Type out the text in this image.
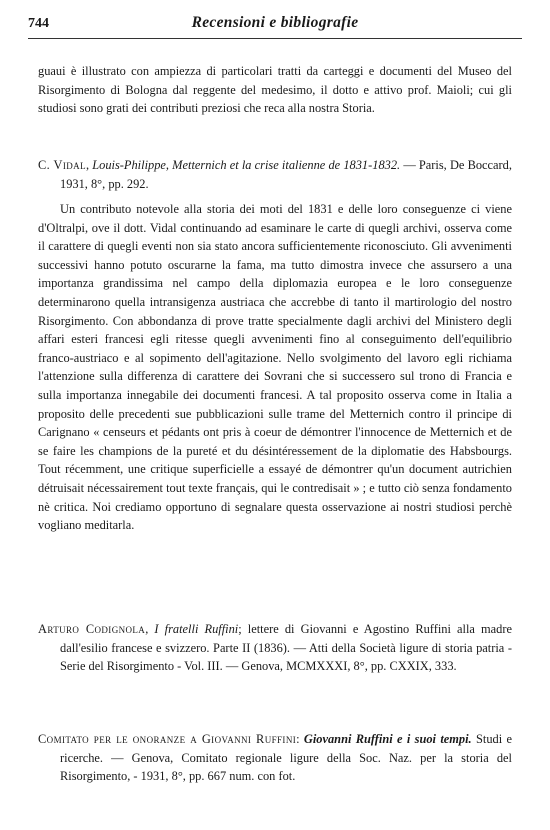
744	Recensioni e bibliografie

guaui è illustrato con ampiezza di particolari tratti da carteggi e documenti del Museo del Risorgimento di Bologna dal reggente del medesimo, il dotto e attivo prof. Maioli; cui gli studiosi sono grati dei contributi preziosi che reca alla nostra Storia.

C. Vidal, Louis-Philippe, Metternich et la crise italienne de 1831-1832. — Paris, De Boccard, 1931, 8°, pp. 292.

Un contributo notevole alla storia dei moti del 1831 e delle loro conseguenze ci viene d'Oltralpi, ove il dott. Vidal continuando ad esaminare le carte di quegli archivi, osserva come il carattere di quegli eventi non sia stato ancora sufficientemente riconosciuto. Gli avvenimenti successivi hanno potuto oscurarne la fama, ma tutto dimostra invece che assursero a una importanza grandissima nel campo della diplomazia europea e le loro conseguenze determinarono quella intransigenza austriaca che accrebbe di tanto il martirologio del nostro Risorgimento. Con abbondanza di prove tratte specialmente dagli archivi del Ministero degli affari esteri francesi egli ritesse quegli avvenimenti fino al conseguimento dell'equilibrio franco-austriaco e al sopimento dell'agitazione. Nello svolgimento del lavoro egli richiama l'attenzione sulla differenza di carattere dei Sovrani che si successero sul trono di Francia e sulla importanza innegabile dei documenti francesi. A tal proposito osserva come in Italia a proposito delle precedenti sue pubblicazioni sulle trame del Metternich contro il principe di Carignano « censeurs et pédants ont pris à coeur de démontrer l'innocence de Metternich et de se faire les champions de la pureté et du désintéressement de la diplomatie des Habsbourgs. Tout récemment, une critique superficielle a essayé de démontrer qu'un document autrichien détruisait nécessairement tout texte français, qui le contredisait » ; e tutto ciò senza fondamento nè critica. Noi crediamo opportuno di segnalare questa osservazione ai nostri studiosi perchè vogliano meditarla.

Arturo Codignola, I fratelli Ruffini; lettere di Giovanni e Agostino Ruffini alla madre dall'esilio francese e svizzero. Parte II (1836). — Atti della Società ligure di storia patria - Serie del Risorgimento - Vol. III. — Genova, MCMXXXI, 8°, pp. CXXIX, 333.

Comitato per le onoranze a Giovanni Ruffini: Giovanni Ruffini e i suoi tempi. Studi e ricerche. — Genova, Comitato regionale ligure della Soc. Naz. per la storia del Risorgimento, - 1931, 8°, pp. 667 num. con fot.
